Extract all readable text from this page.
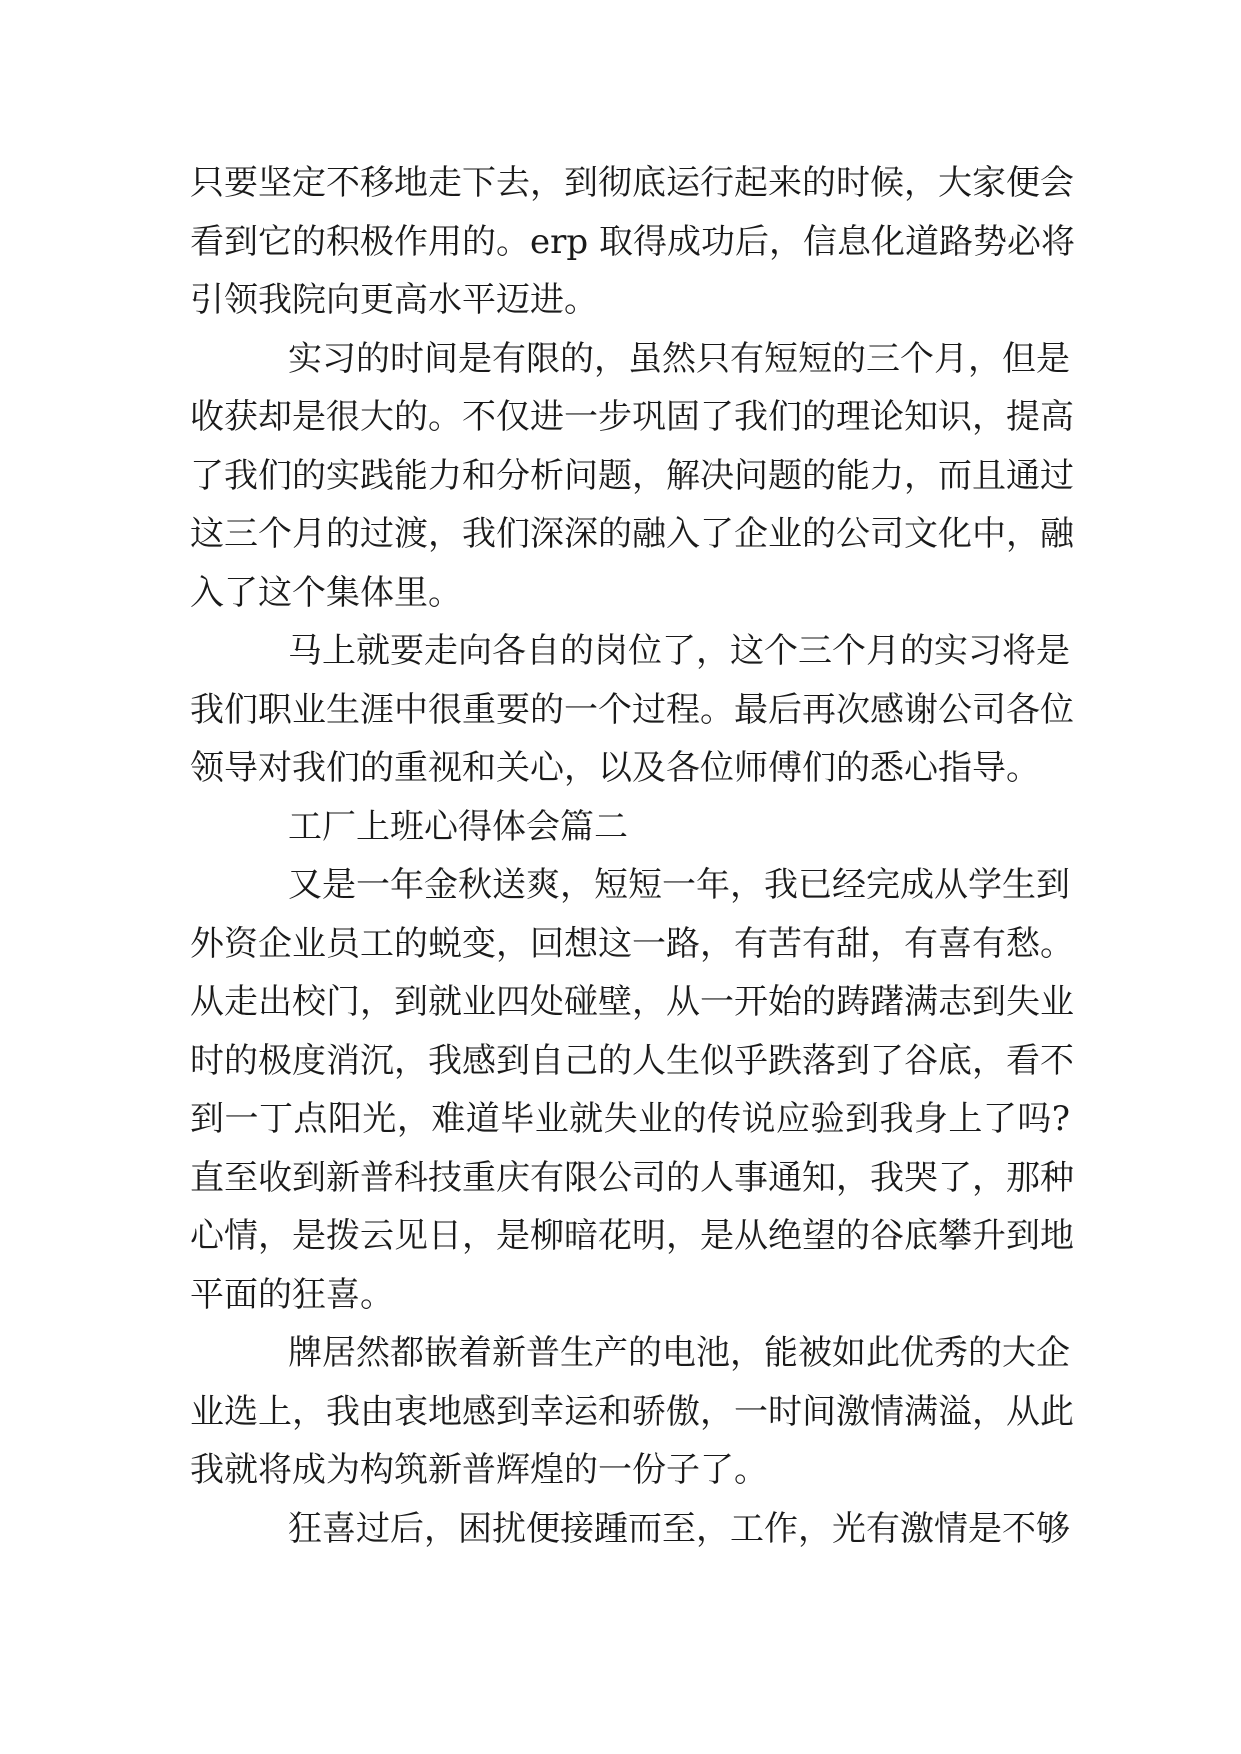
只要坚定不移地走下去，到彻底运行起来的时候，大家便会
看到它的积极作用的。erp 取得成功后，信息化道路势必将
引领我院向更高水平迈进。
实习的时间是有限的，虽然只有短短的三个月，但是
收获却是很大的。不仅进一步巩固了我们的理论知识，提高
了我们的实践能力和分析问题，解决问题的能力，而且通过
这三个月的过渡，我们深深的融入了企业的公司文化中，融
入了这个集体里。
马上就要走向各自的岗位了，这个三个月的实习将是
我们职业生涯中很重要的一个过程。最后再次感谢公司各位
领导对我们的重视和关心，以及各位师傅们的悉心指导。
工厂上班心得体会篇二
又是一年金秋送爽，短短一年，我已经完成从学生到
外资企业员工的蜕变，回想这一路，有苦有甜，有喜有愁。
从走出校门，到就业四处碰壁，从一开始的踌躇满志到失业
时的极度消沉，我感到自己的人生似乎跌落到了谷底，看不
到一丁点阳光，难道毕业就失业的传说应验到我身上了吗?
直至收到新普科技重庆有限公司的人事通知，我哭了，那种
心情，是拨云见日，是柳暗花明，是从绝望的谷底攀升到地
平面的狂喜。
牌居然都嵌着新普生产的电池，能被如此优秀的大企
业选上，我由衷地感到幸运和骄傲，一时间激情满溢，从此
我就将成为构筑新普辉煌的一份子了。
狂喜过后，困扰便接踵而至，工作，光有激情是不够
